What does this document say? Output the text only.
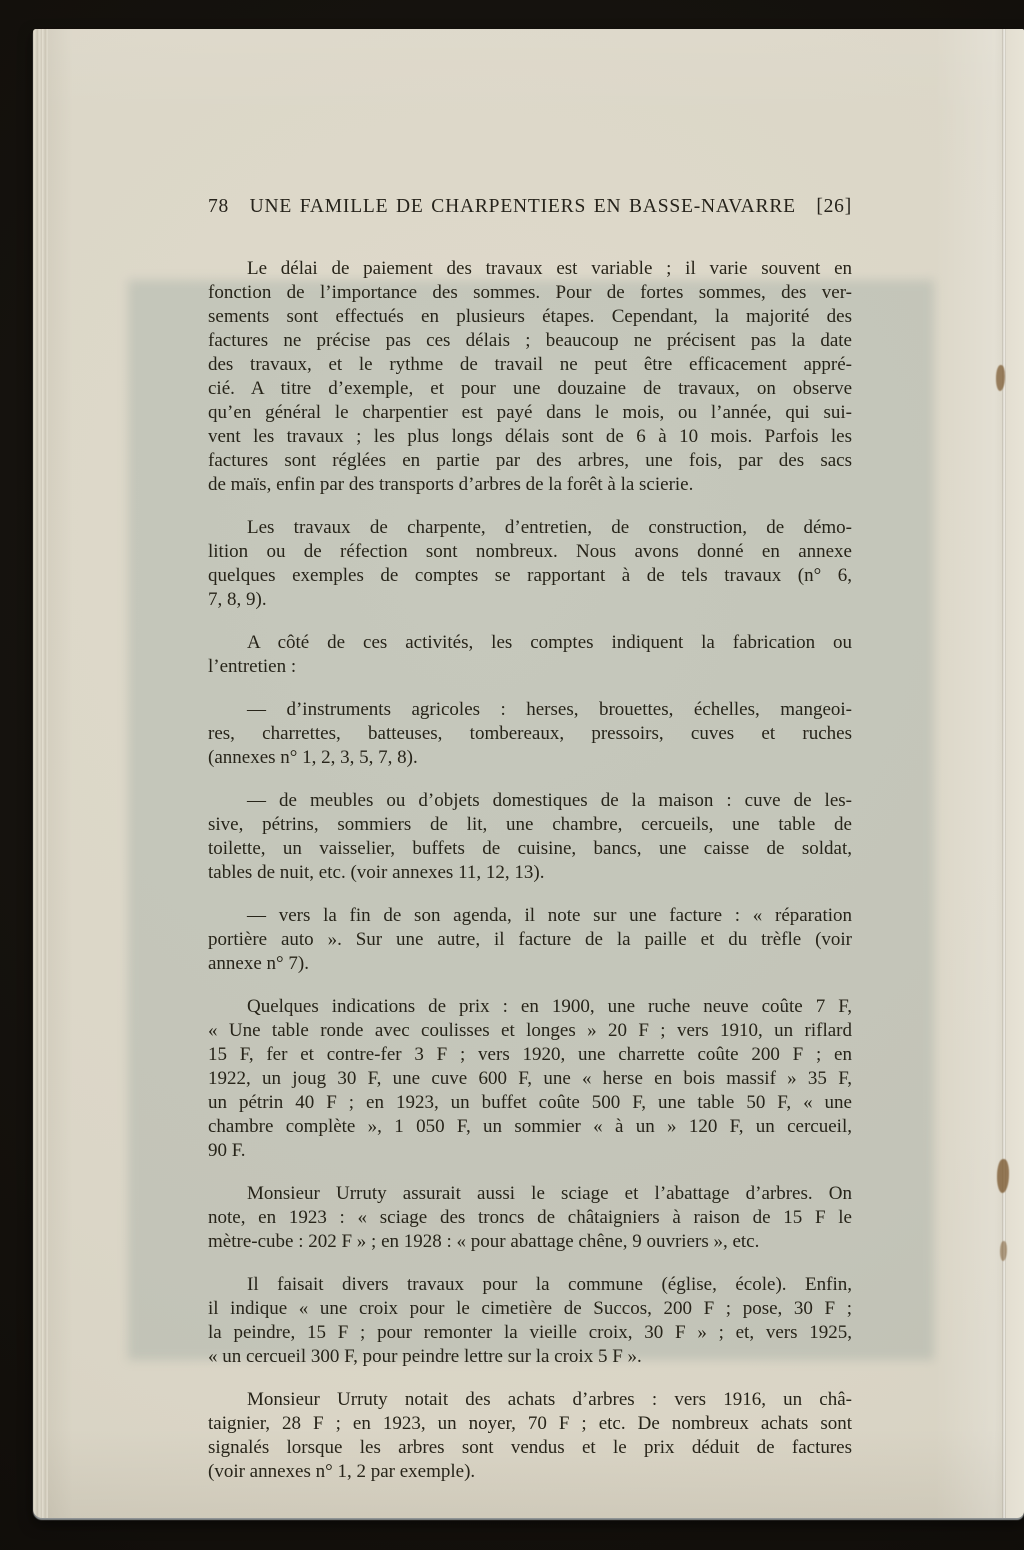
78	UNE FAMILLE DE CHARPENTIERS EN BASSE-NAVARRE	[26]

Le délai de paiement des travaux est variable ; il varie souvent en
fonction de l’importance des sommes. Pour de fortes sommes, des ver-
sements sont effectués en plusieurs étapes. Cependant, la majorité des
factures ne précise pas ces délais ; beaucoup ne précisent pas la date
des travaux, et le rythme de travail ne peut être efficacement appré-
cié. A titre d’exemple, et pour une douzaine de travaux, on observe
qu’en général le charpentier est payé dans le mois, ou l’année, qui sui-
vent les travaux ; les plus longs délais sont de 6 à 10 mois. Parfois les
factures sont réglées en partie par des arbres, une fois, par des sacs
de maïs, enfin par des transports d’arbres de la forêt à la scierie.

Les travaux de charpente, d’entretien, de construction, de démo-
lition ou de réfection sont nombreux. Nous avons donné en annexe
quelques exemples de comptes se rapportant à de tels travaux (n° 6,
7, 8, 9).

A côté de ces activités, les comptes indiquent la fabrication ou
l’entretien :

— d’instruments agricoles : herses, brouettes, échelles, mangeoi-
res, charrettes, batteuses, tombereaux, pressoirs, cuves et ruches
(annexes n° 1, 2, 3, 5, 7, 8).

— de meubles ou d’objets domestiques de la maison : cuve de les-
sive, pétrins, sommiers de lit, une chambre, cercueils, une table de
toilette, un vaisselier, buffets de cuisine, bancs, une caisse de soldat,
tables de nuit, etc. (voir annexes 11, 12, 13).

— vers la fin de son agenda, il note sur une facture : « réparation
portière auto ». Sur une autre, il facture de la paille et du trèfle (voir
annexe n° 7).

Quelques indications de prix : en 1900, une ruche neuve coûte 7 F,
« Une table ronde avec coulisses et longes » 20 F ; vers 1910, un riflard
15 F, fer et contre-fer 3 F ; vers 1920, une charrette coûte 200 F ; en
1922, un joug 30 F, une cuve 600 F, une « herse en bois massif » 35 F,
un pétrin 40 F ; en 1923, un buffet coûte 500 F, une table 50 F, « une
chambre complète », 1 050 F, un sommier « à un » 120 F, un cercueil,
90 F.

Monsieur Urruty assurait aussi le sciage et l’abattage d’arbres. On
note, en 1923 : « sciage des troncs de châtaigniers à raison de 15 F le
mètre-cube : 202 F » ; en 1928 : « pour abattage chêne, 9 ouvriers », etc.

Il faisait divers travaux pour la commune (église, école). Enfin,
il indique « une croix pour le cimetière de Succos, 200 F ; pose, 30 F ;
la peindre, 15 F ; pour remonter la vieille croix, 30 F » ; et, vers 1925,
« un cercueil 300 F, pour peindre lettre sur la croix 5 F ».

Monsieur Urruty notait des achats d’arbres : vers 1916, un châ-
taignier, 28 F ; en 1923, un noyer, 70 F ; etc. De nombreux achats sont
signalés lorsque les arbres sont vendus et le prix déduit de factures
(voir annexes n° 1, 2 par exemple).
